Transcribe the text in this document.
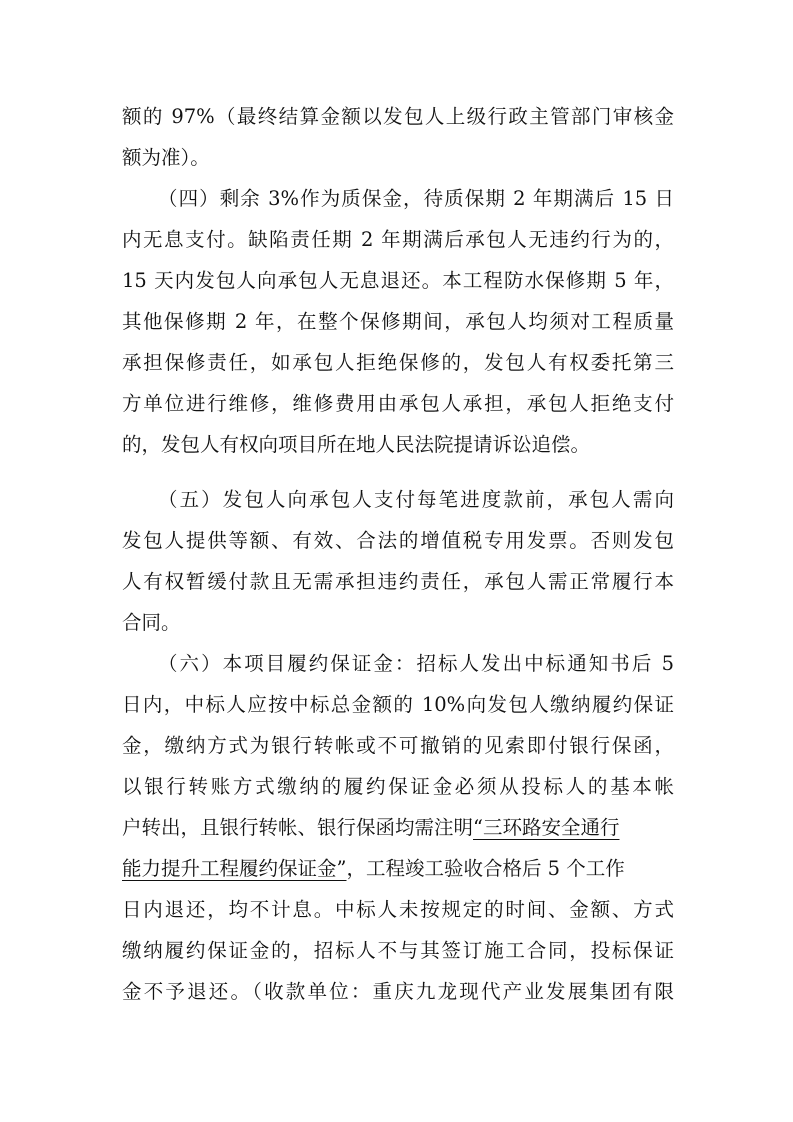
额的 97%（最终结算金额以发包人上级行政主管部门审核金
额为准）。
（四）剩余 3%作为质保金，待质保期 2 年期满后 15 日
内无息支付。缺陷责任期 2 年期满后承包人无违约行为的，
15 天内发包人向承包人无息退还。本工程防水保修期 5 年，
其他保修期 2 年，在整个保修期间，承包人均须对工程质量
承担保修责任，如承包人拒绝保修的，发包人有权委托第三
方单位进行维修，维修费用由承包人承担，承包人拒绝支付
的，发包人有权向项目所在地人民法院提请诉讼追偿。
（五）发包人向承包人支付每笔进度款前，承包人需向
发包人提供等额、有效、合法的增值税专用发票。否则发包
人有权暂缓付款且无需承担违约责任，承包人需正常履行本
合同。
（六）本项目履约保证金：招标人发出中标通知书后 5
日内，中标人应按中标总金额的 10%向发包人缴纳履约保证
金，缴纳方式为银行转帐或不可撤销的见索即付银行保函，
以银行转账方式缴纳的履约保证金必须从投标人的基本帐
户转出，且银行转帐、银行保函均需注明“三环路安全通行
能力提升工程履约保证金”，工程竣工验收合格后 5 个工作
日内退还，均不计息。中标人未按规定的时间、金额、方式
缴纳履约保证金的，招标人不与其签订施工合同，投标保证
金不予退还。（收款单位：重庆九龙现代产业发展集团有限
